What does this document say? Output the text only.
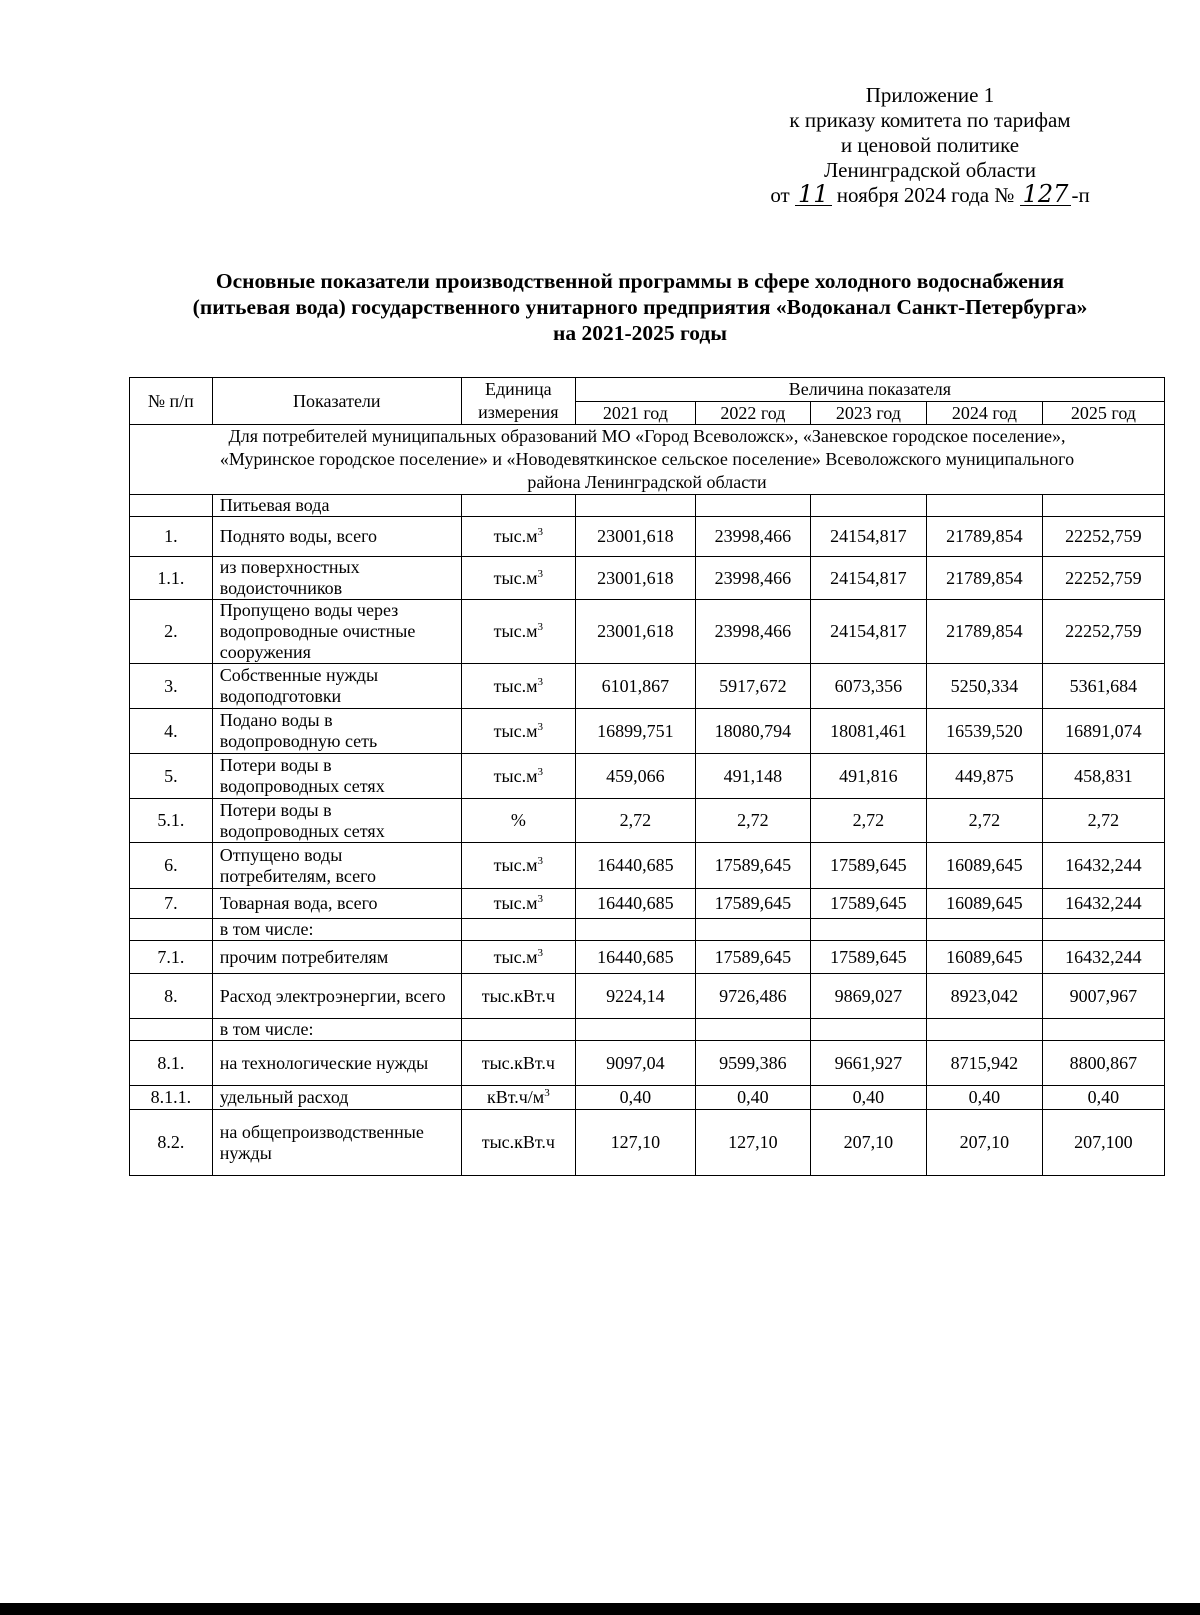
Приложение 1
к приказу комитета по тарифам
и ценовой политике
Ленинградской области
от 11 ноября 2024 года № 127 -п
Основные показатели производственной программы в сфере холодного водоснабжения
(питьевая вода) государственного унитарного предприятия «Водоканал Санкт-Петербурга»
на 2021-2025 годы
№ п/п	Показатели	Единица измерения	Величина показателя				
			2021 год	2022 год	2023 год	2024 год	2025 год

Для потребителей муниципальных образований МО «Город Всеволожск», «Заневское городское поселение»,
«Муринское городское поселение» и «Новодевяткинское сельское поселение» Всеволожского муниципального
района Ленинградской области							

	Питьевая вода						
1.	Поднято воды, всего	$тыс.м^3$	23001,618	23998,466	24154,817	21789,854	22252,759
1.1.	из поверхностных водоисточников	$тыс.м^3$	23001,618	23998,466	24154,817	21789,854	22252,759
2.	Пропущено воды через водопроводные очистные сооружения	$тыс.м^3$	23001,618	23998,466	24154,817	21789,854	22252,759
3.	Собственные нужды водоподготовки	$тыс.м^3$	6101,867	5917,672	6073,356	5250,334	5361,684
4.	Подано воды в водопроводную сеть	$тыс.м^3$	16899,751	18080,794	18081,461	16539,520	16891,074
5.	Потери воды в водопроводных сетях	$тыс.м^3$	459,066	491,148	491,816	449,875	458,831
5.1.	Потери воды в водопроводных сетях	%	2,72	2,72	2,72	2,72	2,72
6.	Отпущено воды потребителям, всего	$тыс.м^3$	16440,685	17589,645	17589,645	16089,645	16432,244
7.	Товарная вода, всего	$тыс.м^3$	16440,685	17589,645	17589,645	16089,645	16432,244
	в том числе:						
7.1.	прочим потребителям	$тыс.м^3$	16440,685	17589,645	17589,645	16089,645	16432,244
8.	Расход электроэнергии, всего	тыс.кВт.ч	9224,14	9726,486	9869,027	8923,042	9007,967
	в том числе:						
8.1.	на технологические нужды	тыс.кВт.ч	9097,04	9599,386	9661,927	8715,942	8800,867
8.1.1.	удельный расход	$кВт.ч/м^3$	0,40	0,40	0,40	0,40	0,40
8.2.	на общепроизводственные нужды	тыс.кВт.ч	127,10	127,10	207,10	207,10	207,100
